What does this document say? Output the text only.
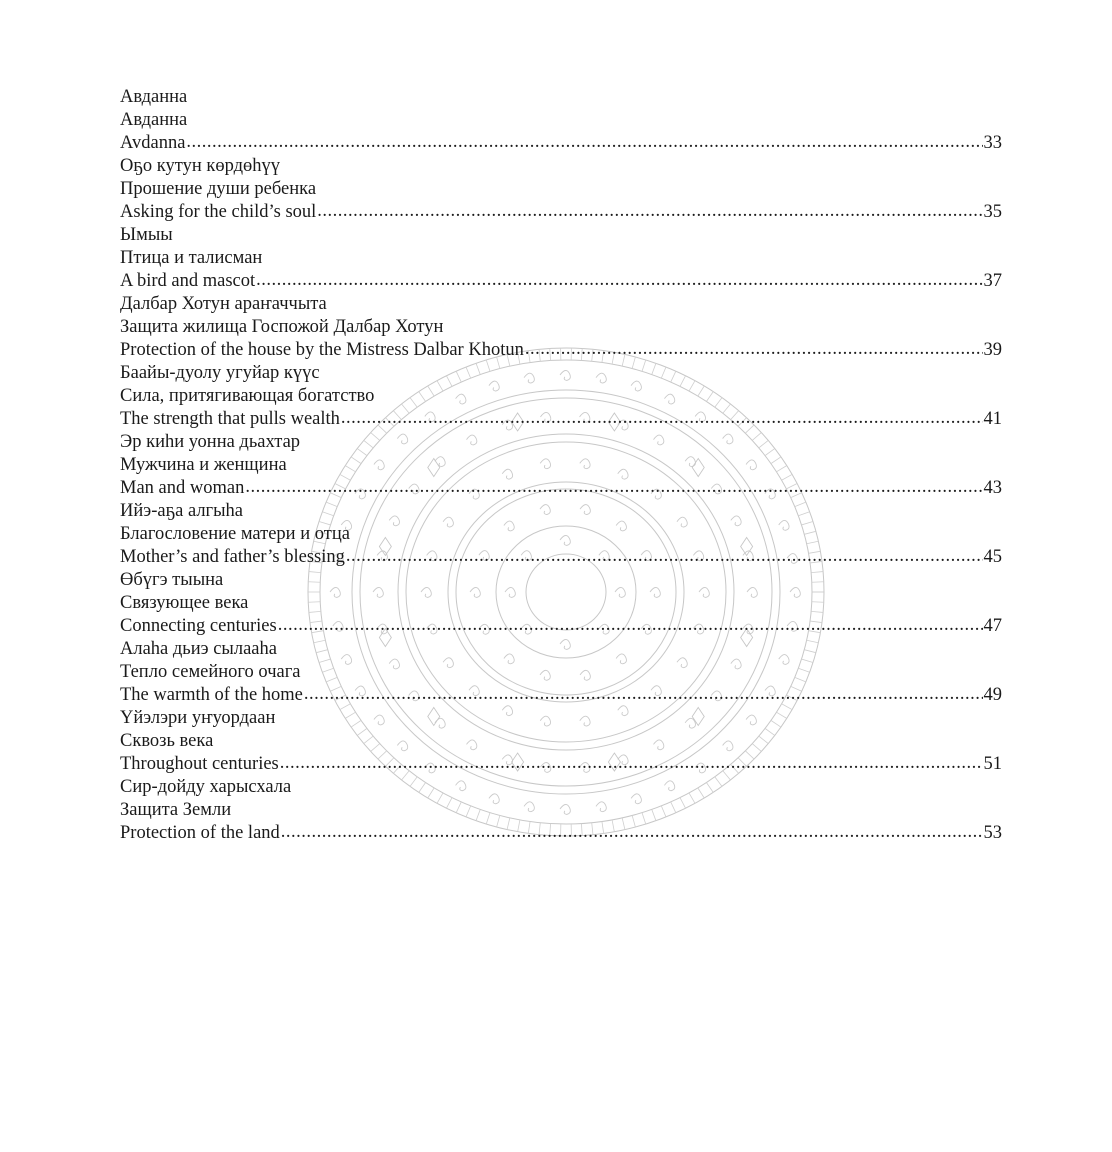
Авданна
Авданна
Avdanna .....	33
Оҕо кутун көрдөһүү
Прошение души ребенка
Asking for the child’s soul .....	35
Ымыы
Птица и талисман
A bird and mascot .....	37
Далбар Хотун араҥаччыта
Защита жилища Госпожой Далбар Хотун
Protection of the house by the Mistress Dalbar Khotun .....	39
Баайы-дуолу угуйар күүс
Сила, притягивающая богатство
The strength that pulls wealth .....	41
Эр киһи уонна дьахтар
Мужчина и женщина
Man and woman .....	43
Ийэ-аҕа алгыһа
Благословение матери и отца
Mother’s and father’s blessing .....	45
Өбүгэ тыына
Связующее века
Connecting centuries .....	47
Алаһа дьиэ сылааһа
Тепло семейного очага
The warmth of the home .....	49
Үйэлэри уҥуордаан
Сквозь века
Throughout centuries .....	51
Сир-дойду харысхала
Защита Земли
Protection of the land .....	53
